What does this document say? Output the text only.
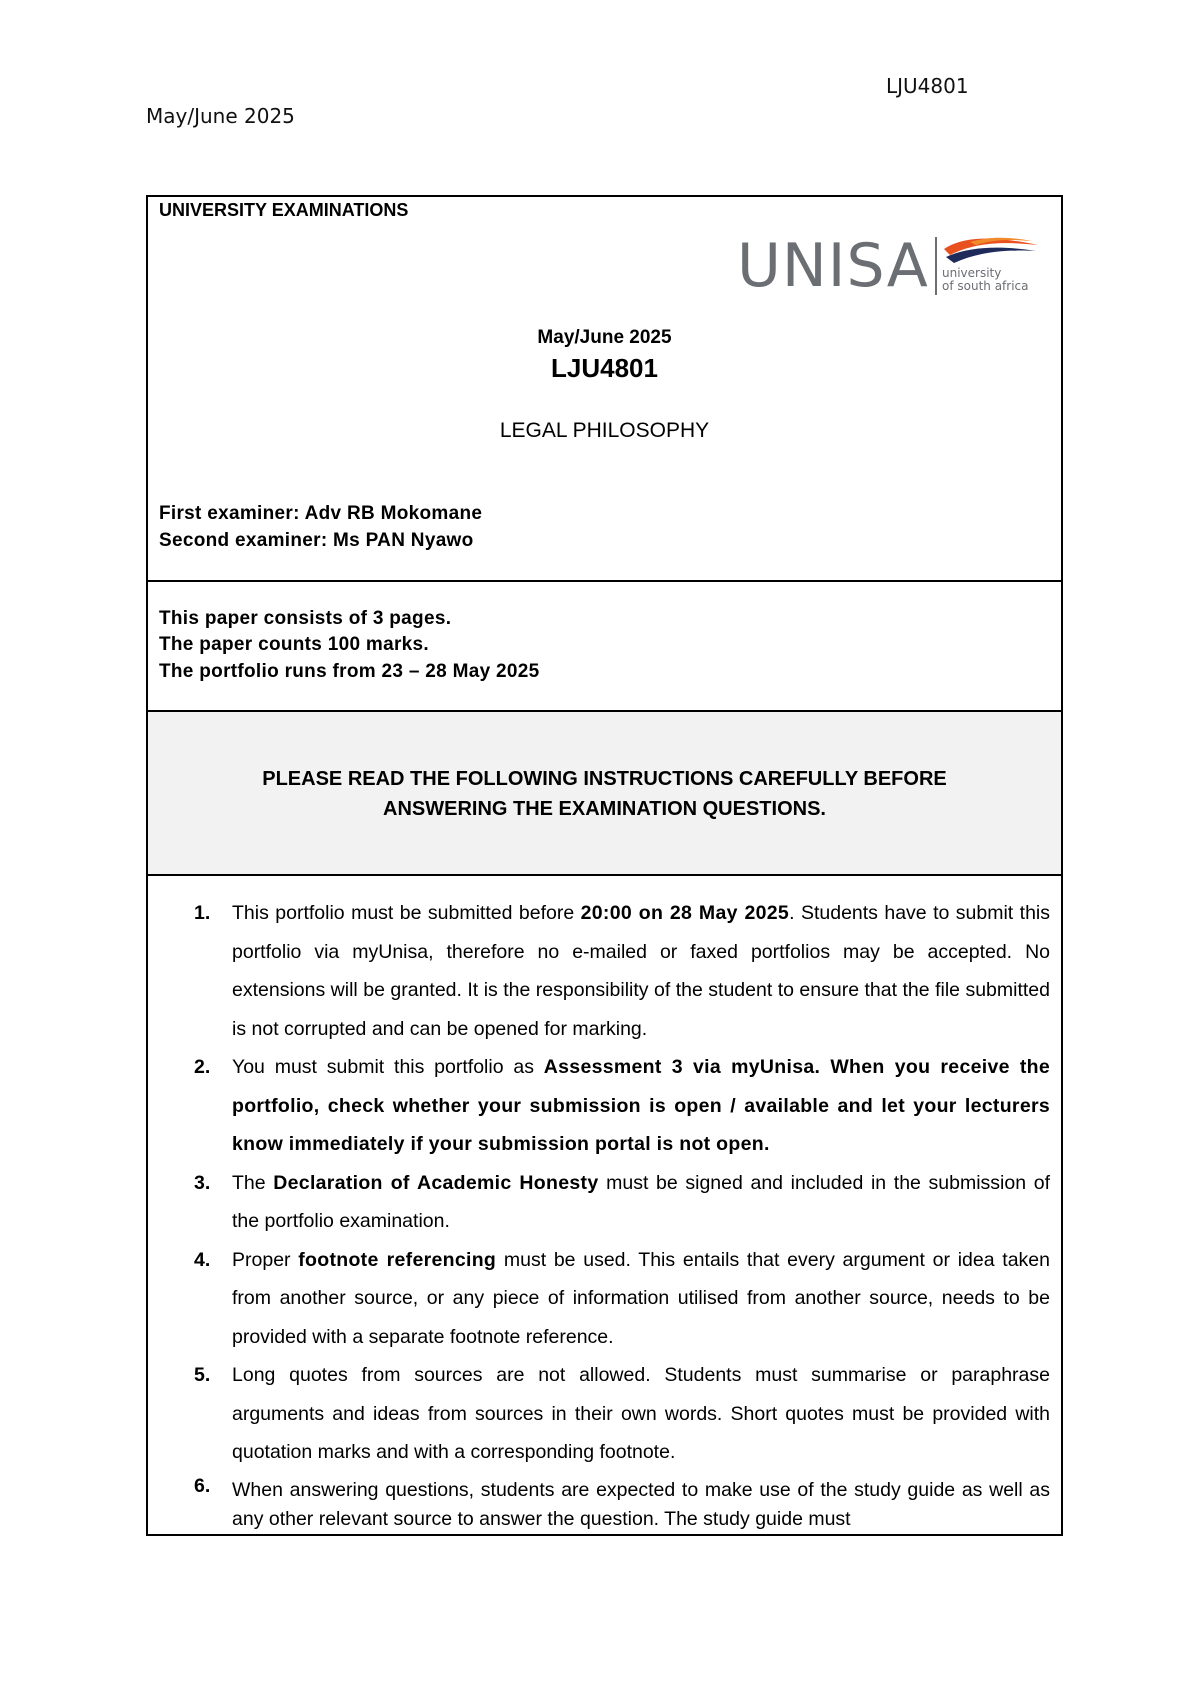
LJU4801
May/June 2025
UNIVERSITY EXAMINATIONS
UNISA university
of south africa
May/June 2025
LJU4801
LEGAL PHILOSOPHY
First examiner: Adv RB Mokomane
Second examiner: Ms PAN Nyawo
This paper consists of 3 pages.
The paper counts 100 marks.
The portfolio runs from 23 – 28 May 2025
PLEASE READ THE FOLLOWING INSTRUCTIONS CAREFULLY BEFORE
ANSWERING THE EXAMINATION QUESTIONS.
1. This portfolio must be submitted before 20:00 on 28 May 2025. Students have to submit this portfolio via myUnisa, therefore no e-mailed or faxed portfolios may be accepted. No extensions will be granted. It is the responsibility of the student to ensure that the file submitted is not corrupted and can be opened for marking.
2. You must submit this portfolio as Assessment 3 via myUnisa. When you receive the portfolio, check whether your submission is open / available and let your lecturers know immediately if your submission portal is not open.
3. The Declaration of Academic Honesty must be signed and included in the submission of the portfolio examination.
4. Proper footnote referencing must be used. This entails that every argument or idea taken from another source, or any piece of information utilised from another source, needs to be provided with a separate footnote reference.
5. Long quotes from sources are not allowed. Students must summarise or paraphrase arguments and ideas from sources in their own words. Short quotes must be provided with quotation marks and with a corresponding footnote.
6. When answering questions, students are expected to make use of the study guide as well as any other relevant source to answer the question. The study guide must
